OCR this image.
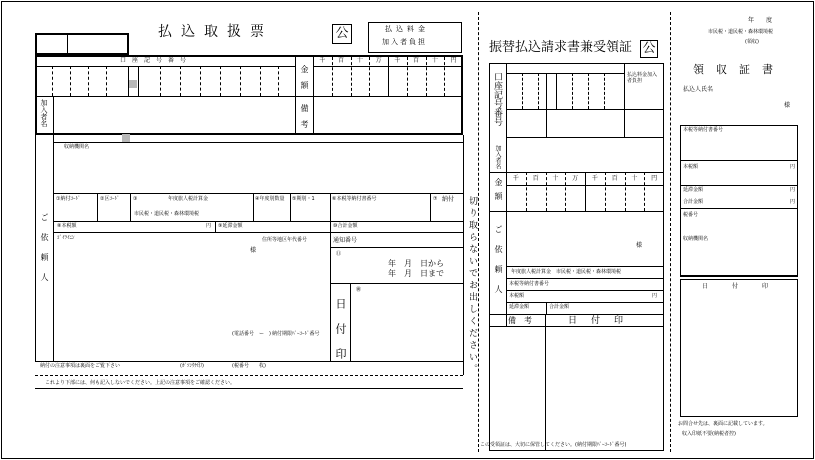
払込取扱票	公	払込料金
加入者負担
口座記号番号
金額
千 百 十 万 千 百 十 円
加入者名	備考
収納機関名
①納付ｺｰﾄﾞ	②区ｺｰﾄﾞ	③	年度旅人税計算金
市民税・道民税・森林環境税
④年度別数量 ⑤期別・1	⑥本税等納付書番号	⑦ 納付
⑧本税額	円 ⑨延滞金額	⑩合計金額
ご依頼人 ｺﾞｲﾗｲﾆﾝ
様
住所等地区年代番号	通知番号
⑪
年　月　日から
年　月　日まで
日付印
㉄
(電話番号　ー　) 納付期限ﾊﾞｰｺｰﾄﾞ番号
納付の注意事項は裏面をご覧下さい	(ｶﾞｿﾝｳｹ印)	(税番号　　枚)
これより下部には、何も記入しないでください。上記の注意事項をご確認ください。
切り取らないでお出しください。
振替払込請求書兼受領証 公
払込料金加入者負担
口座記号番号
加入者名
金額 千 百 十 万 千 百 十 円
ご依頼人	様
年度旅人税計算金　市民税・道民税・森林環境税
本税等納付書番号
本税額	円
延滞金額	合計金額
備考	日付印
この受領証は、大切に保管してください。(納付期限ﾊﾞｰｺｰﾄﾞ番号)
年度
市民税・道民税・森林環境税
(領収)
領収証書
払込人氏名
様
本税等納付書番号
本税額	円
延滞金額	円
合計金額	円
税番号
収納機関名
日付印
お問合せ先は、裏面に記載しています。
収入印紙不要(納税者控)
